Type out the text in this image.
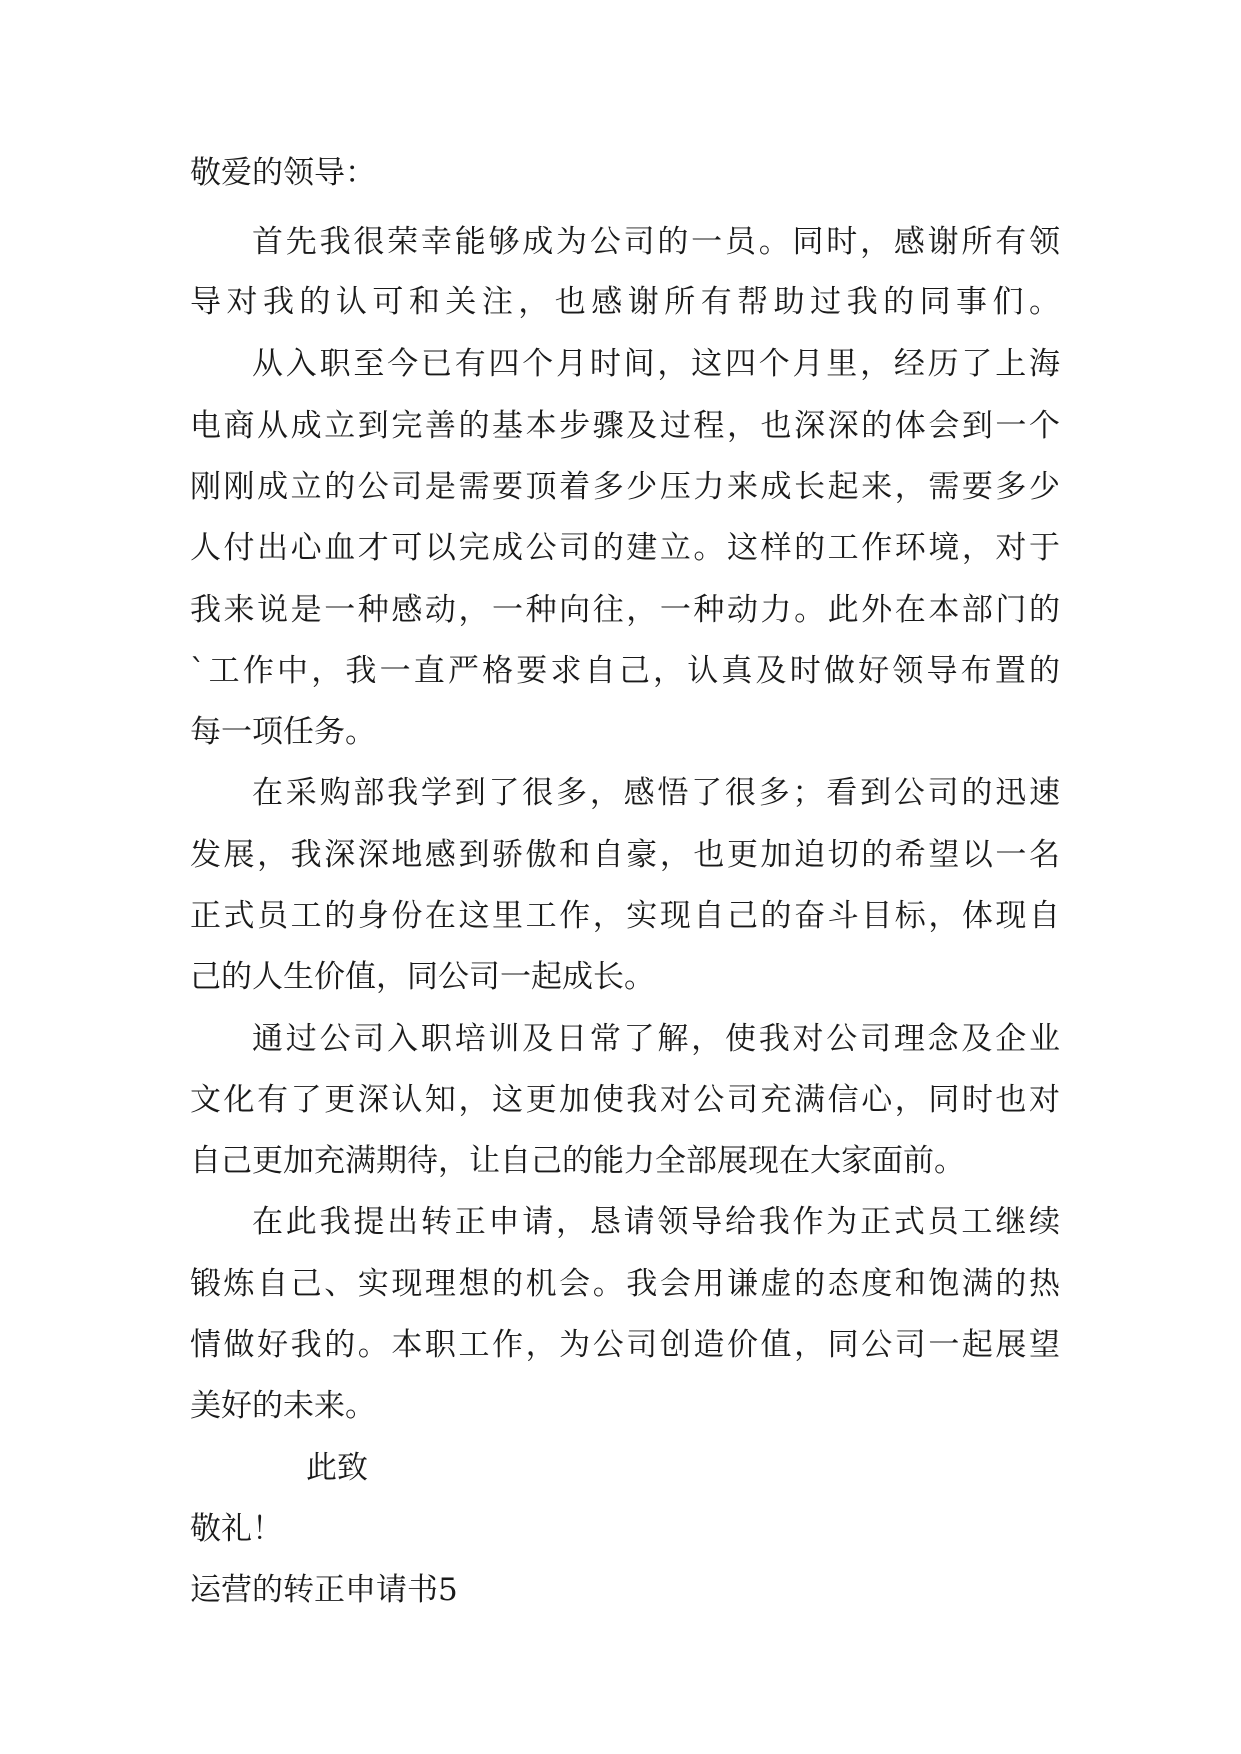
敬爱的领导：
首先我很荣幸能够成为公司的一员。同时，感谢所有领
导对我的认可和关注，也感谢所有帮助过我的同事们。
从入职至今已有四个月时间，这四个月里，经历了上海
电商从成立到完善的基本步骤及过程，也深深的体会到一个
刚刚成立的公司是需要顶着多少压力来成长起来，需要多少
人付出心血才可以完成公司的建立。这样的工作环境，对于
我来说是一种感动，一种向往，一种动力。此外在本部门的
`工作中，我一直严格要求自己，认真及时做好领导布置的
每一项任务。
在采购部我学到了很多，感悟了很多；看到公司的迅速
发展，我深深地感到骄傲和自豪，也更加迫切的希望以一名
正式员工的身份在这里工作，实现自己的奋斗目标，体现自
己的人生价值，同公司一起成长。
通过公司入职培训及日常了解，使我对公司理念及企业
文化有了更深认知，这更加使我对公司充满信心，同时也对
自己更加充满期待，让自己的能力全部展现在大家面前。
在此我提出转正申请，恳请领导给我作为正式员工继续
锻炼自己、实现理想的机会。我会用谦虚的态度和饱满的热
情做好我的。本职工作，为公司创造价值，同公司一起展望
美好的未来。
此致
敬礼！
运营的转正申请书5
